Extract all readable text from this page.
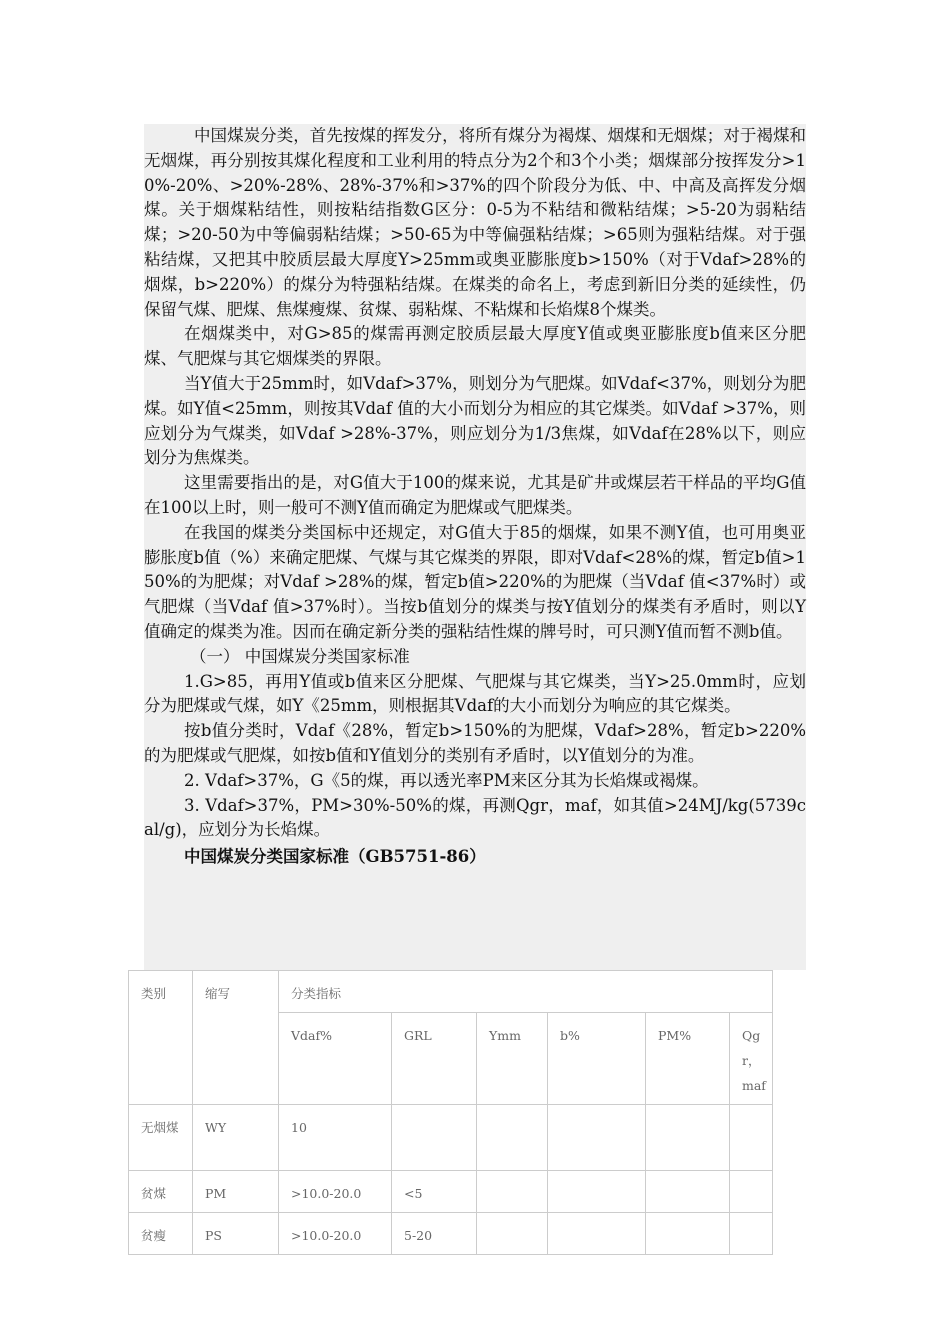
中国煤炭分类，首先按煤的挥发分，将所有煤分为褐煤、烟煤和无烟煤；对于褐煤和无烟煤，再分别按其煤化程度和工业利用的特点分为2个和3个小类；烟煤部分按挥发分>10%-20%、>20%-28%、28%-37%和>37%的四个阶段分为低、中、中高及高挥发分烟煤。关于烟煤粘结性，则按粘结指数G区分：0-5为不粘结和微粘结煤；>5-20为弱粘结煤；>20-50为中等偏弱粘结煤；>50-65为中等偏强粘结煤；>65则为强粘结煤。对于强粘结煤，又把其中胶质层最大厚度Y>25mm或奥亚膨胀度b>150%（对于Vdaf>28%的烟煤，b>220%）的煤分为特强粘结煤。在煤类的命名上，考虑到新旧分类的延续性，仍保留气煤、肥煤、焦煤瘦煤、贫煤、弱粘煤、不粘煤和长焰煤8个煤类。

在烟煤类中，对G>85的煤需再测定胶质层最大厚度Y值或奥亚膨胀度b值来区分肥煤、气肥煤与其它烟煤类的界限。

当Y值大于25mm时，如Vdaf>37%，则划分为气肥煤。如Vdaf<37%，则划分为肥煤。如Y值<25mm，则按其Vdaf 值的大小而划分为相应的其它煤类。如Vdaf >37%，则应划分为气煤类，如Vdaf >28%-37%，则应划分为1/3焦煤，如Vdaf在28%以下，则应划分为焦煤类。

这里需要指出的是，对G值大于100的煤来说，尤其是矿井或煤层若干样品的平均G值在100以上时，则一般可不测Y值而确定为肥煤或气肥煤类。

在我国的煤类分类国标中还规定，对G值大于85的烟煤，如果不测Y值，也可用奥亚膨胀度b值（%）来确定肥煤、气煤与其它煤类的界限，即对Vdaf<28%的煤，暂定b值>150%的为肥煤；对Vdaf >28%的煤，暂定b值>220%的为肥煤（当Vdaf 值<37%时）或气肥煤（当Vdaf 值>37%时）。当按b值划分的煤类与按Y值划分的煤类有矛盾时，则以Y值确定的煤类为准。因而在确定新分类的强粘结性煤的牌号时，可只测Y值而暂不测b值。

（一） 中国煤炭分类国家标准

1.G>85，再用Y值或b值来区分肥煤、气肥煤与其它煤类，当Y>25.0mm时，应划分为肥煤或气煤，如Y《25mm，则根据其Vdaf的大小而划分为响应的其它煤类。

按b值分类时，Vdaf《28%，暂定b>150%的为肥煤，Vdaf>28%，暂定b>220%的为肥煤或气肥煤，如按b值和Y值划分的类别有矛盾时，以Y值划分的为准。

2. Vdaf>37%，G《5的煤，再以透光率PM来区分其为长焰煤或褐煤。

3. Vdaf>37%，PM>30%-50%的煤，再测Qgr，maf，如其值>24MJ/kg(5739cal/g)，应划分为长焰煤。

中国煤炭分类国家标准（GB5751-86）

类别	缩写	分类指标					
		Vdaf%	GRL	Ymm	b%	PM%	Qgr，maf
无烟煤	WY	10					
贫煤	PM	>10.0-20.0	<5				
贫瘦	PS	>10.0-20.0	5-20				
